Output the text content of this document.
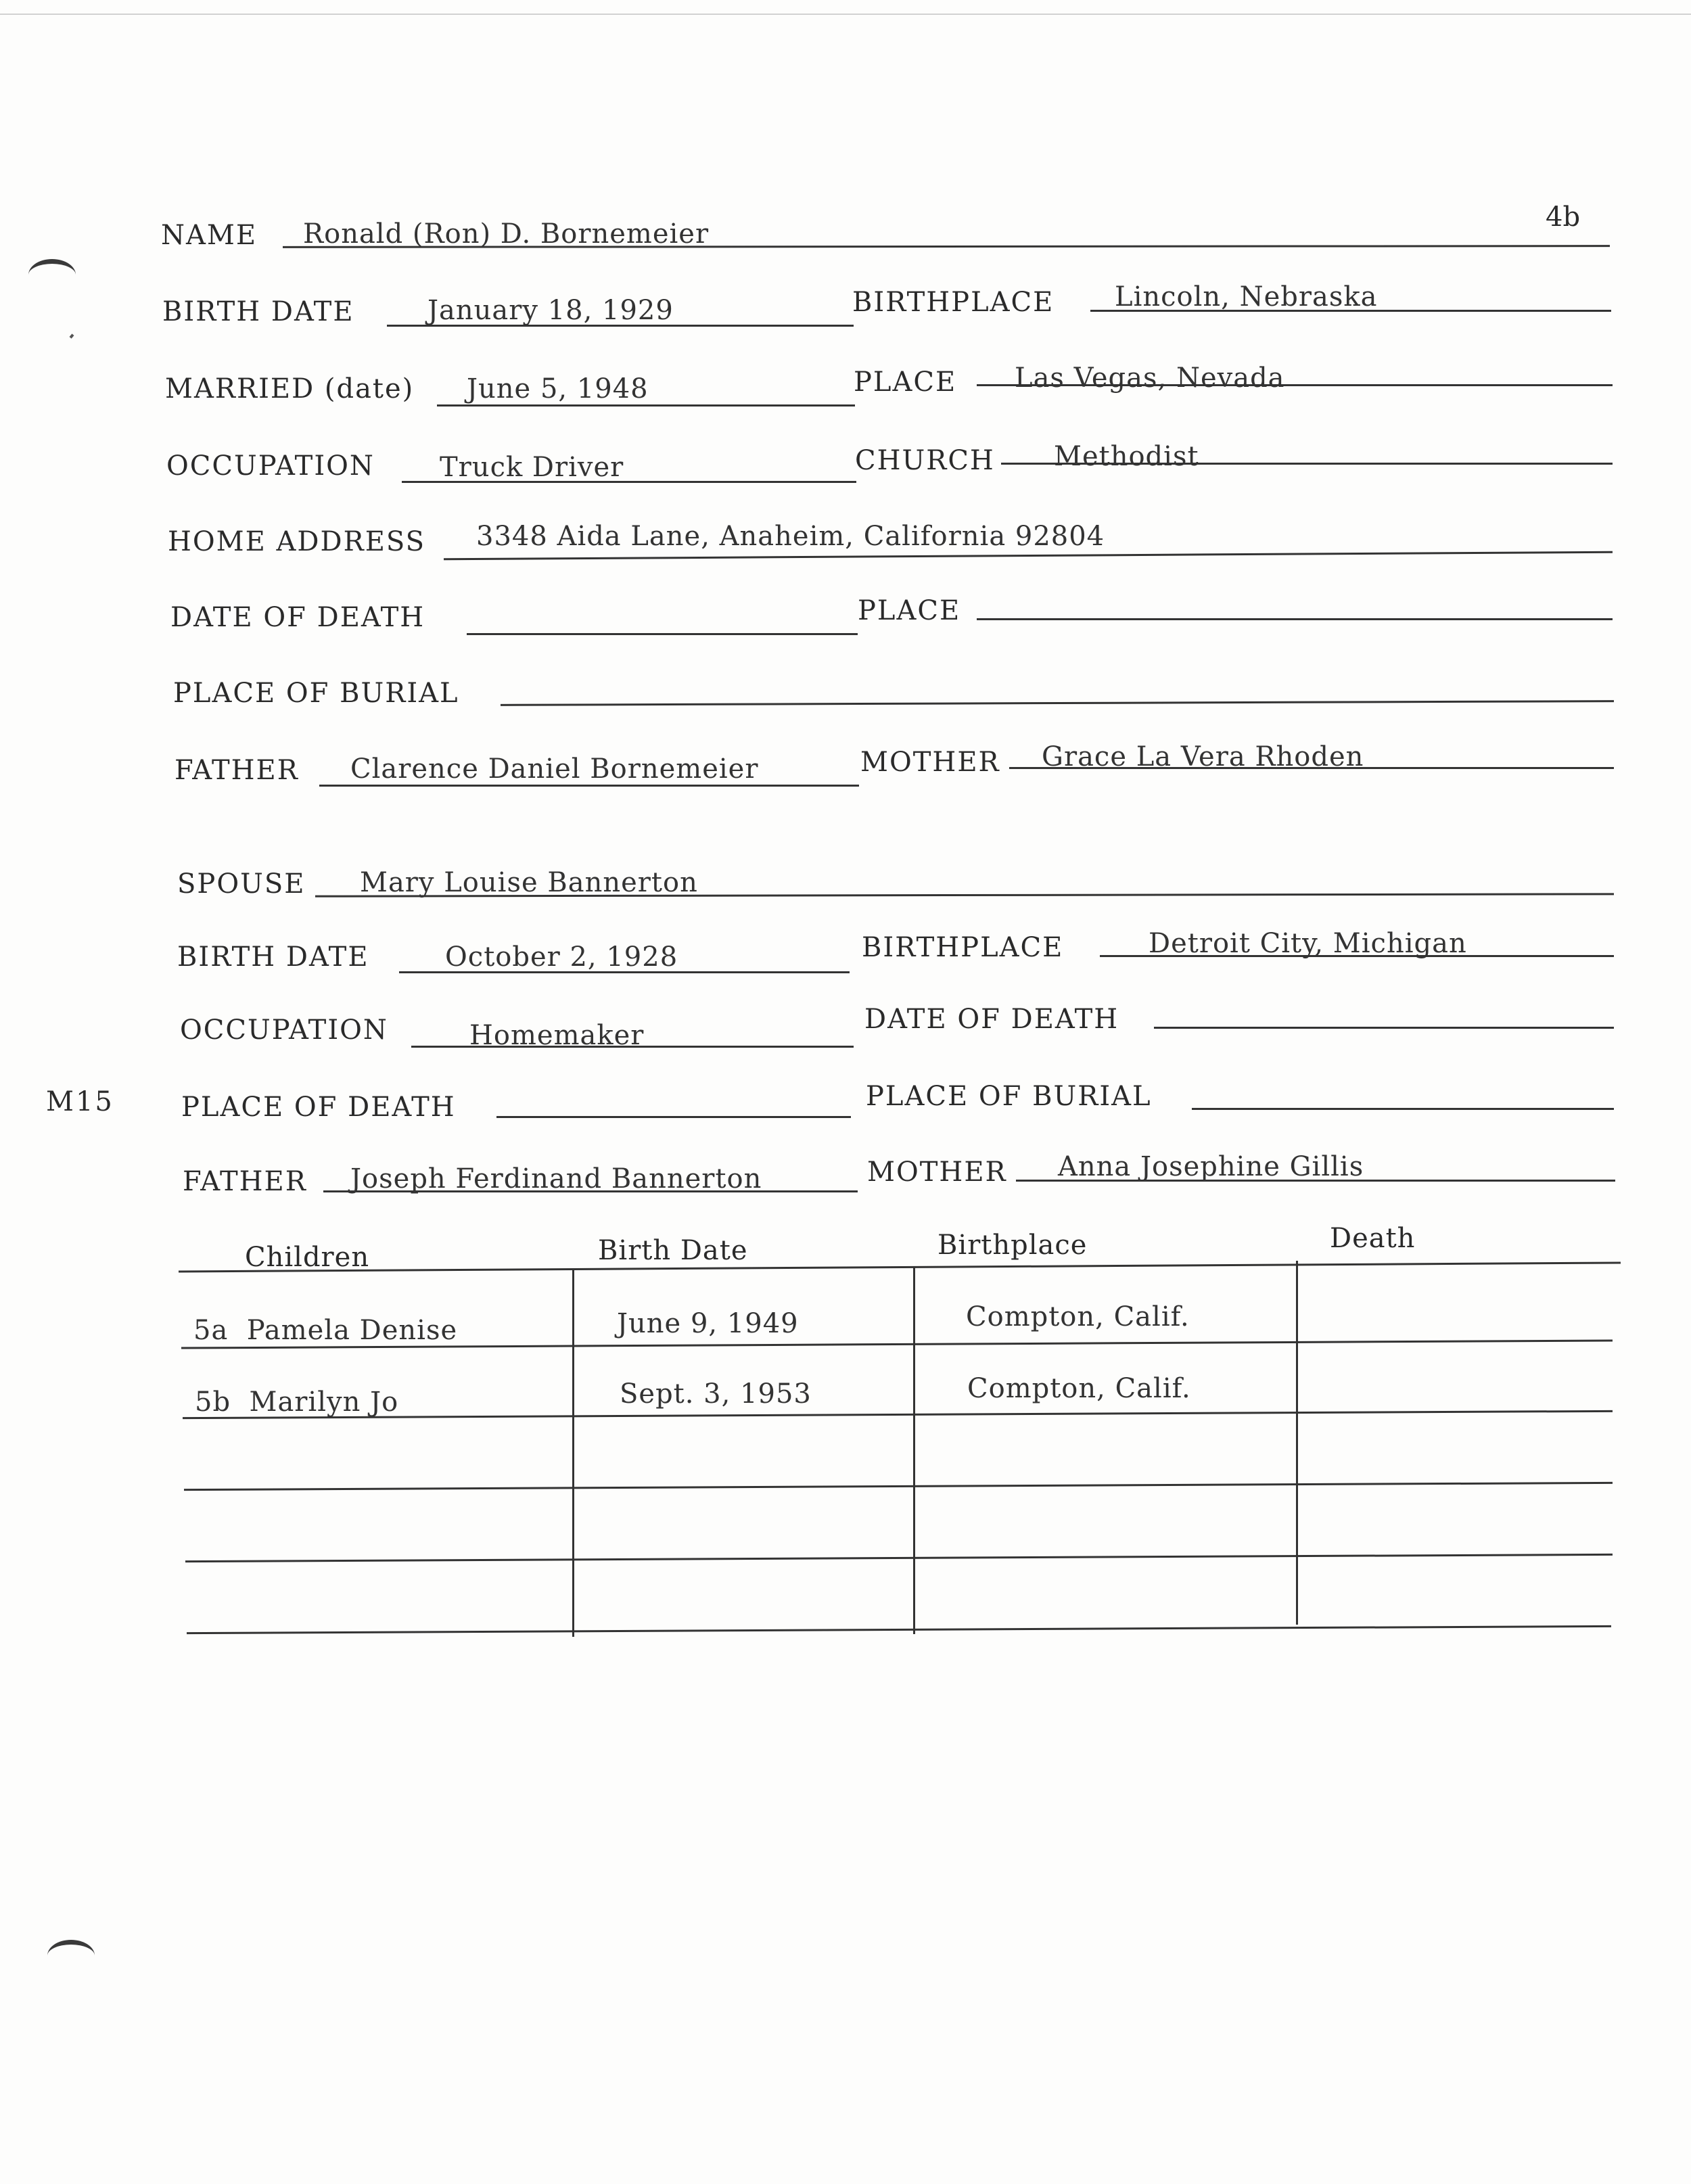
4b
M15
NAME Ronald (Ron) D. Bornemeier
BIRTH DATE	January 18, 1929	BIRTHPLACE Lincoln, Nebraska
MARRIED (date) June 5, 1948	PLACE Las Vegas, Nevada
OCCUPATION Truck Driver	CHURCH Methodist
HOME ADDRESS 3348 Aida Lane, Anaheim, California 92804
DATE OF DEATH	PLACE
PLACE OF BURIAL
FATHER Clarence Daniel Bornemeier	MOTHER Grace La Vera Rhoden
SPOUSE Mary Louise Bannerton
BIRTH DATE	October 2, 1928	BIRTHPLACE	Detroit City, Michigan
OCCUPATION	Homemaker
DATE OF DEATH
PLACE OF DEATH	PLACE OF BURIAL
FATHER Joseph Ferdinand Bannerton	MOTHER Anna Josephine Gillis
Children	Birth Date	Birthplace	Death
5a  Pamela Denise	June 9, 1949	Compton, Calif.
5b  Marilyn Jo	Sept. 3, 1953	Compton, Calif.
